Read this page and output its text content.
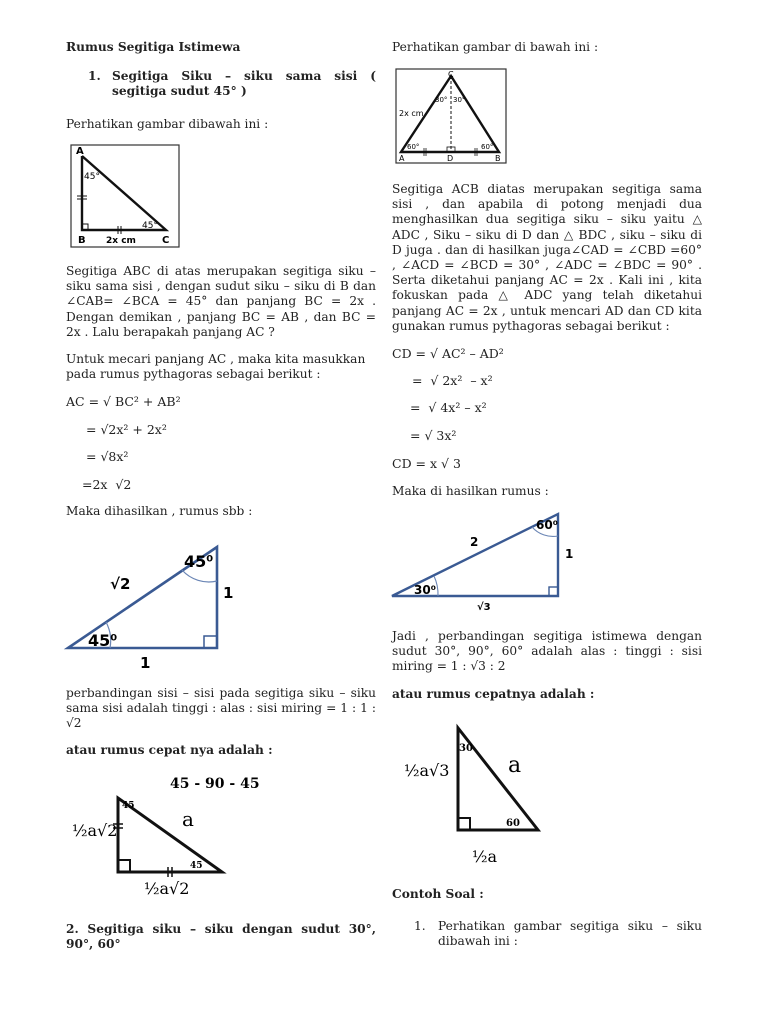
Rumus Segitiga Istimewa
1. Segitiga Siku – siku sama sisi ( segitiga sudut 45° )
Perhatikan gambar dibawah ini :
A
45°
45°
B 2x cm	C
Segitiga ABC di atas merupakan segitiga siku – siku sama sisi , dengan sudut siku – siku di B dan ∠CAB= ∠BCA = 45° dan panjang BC = 2x . Dengan demikan , panjang BC = AB , dan BC = 2x . Lalu berapakah panjang AC ?
Untuk mecari panjang AC , maka kita masukkan pada rumus pythagoras sebagai berikut :
AC = √ BC² + AB²
= √2x² + 2x²
= √8x²
=2x  √2
Maka dihasilkan , rumus sbb :
45⁰
45⁰
√2	1
1
perbandingan sisi – sisi pada segitiga siku – siku sama sisi adalah tinggi : alas : sisi miring = 1 : 1 : √2
atau rumus cepat nya adalah :
45 - 90 - 45
45
45
½a√2	a
½a√2
2. Segitiga siku – siku dengan sudut 30°, 90°, 60°
Perhatikan gambar di bawah ini :
C
30° 30°
2x cm
60°	60°
A	D	B
Segitiga ACB diatas merupakan segitiga sama sisi , dan apabila di potong menjadi dua menghasilkan dua segitiga siku – siku yaitu △ ADC , Siku – siku di D dan △ BDC , siku – siku di D juga . dan di hasilkan juga∠CAD = ∠CBD =60° , ∠ACD = ∠BCD = 30° , ∠ADC = ∠BDC = 90° . Serta diketahui panjang AC = 2x . Kali ini , kita fokuskan pada △ ADC yang telah diketahui panjang AC = 2x , untuk mencari AD dan CD kita gunakan rumus pythagoras sebagai berikut :
CD = √ AC² – AD²
=  √ 2x²  – x²
=  √ 4x² – x²
= √ 3x²
CD = x √ 3
Maka di hasilkan rumus :
60⁰
30⁰
2
1
√3
Jadi , perbandingan segitiga istimewa dengan sudut 30°, 90°, 60° adalah alas : tinggi : sisi miring = 1 : √3 : 2
atau rumus cepatnya adalah :
30
60
½a√3	a
½a
Contoh Soal :
1. Perhatikan gambar segitiga siku – siku dibawah ini :
